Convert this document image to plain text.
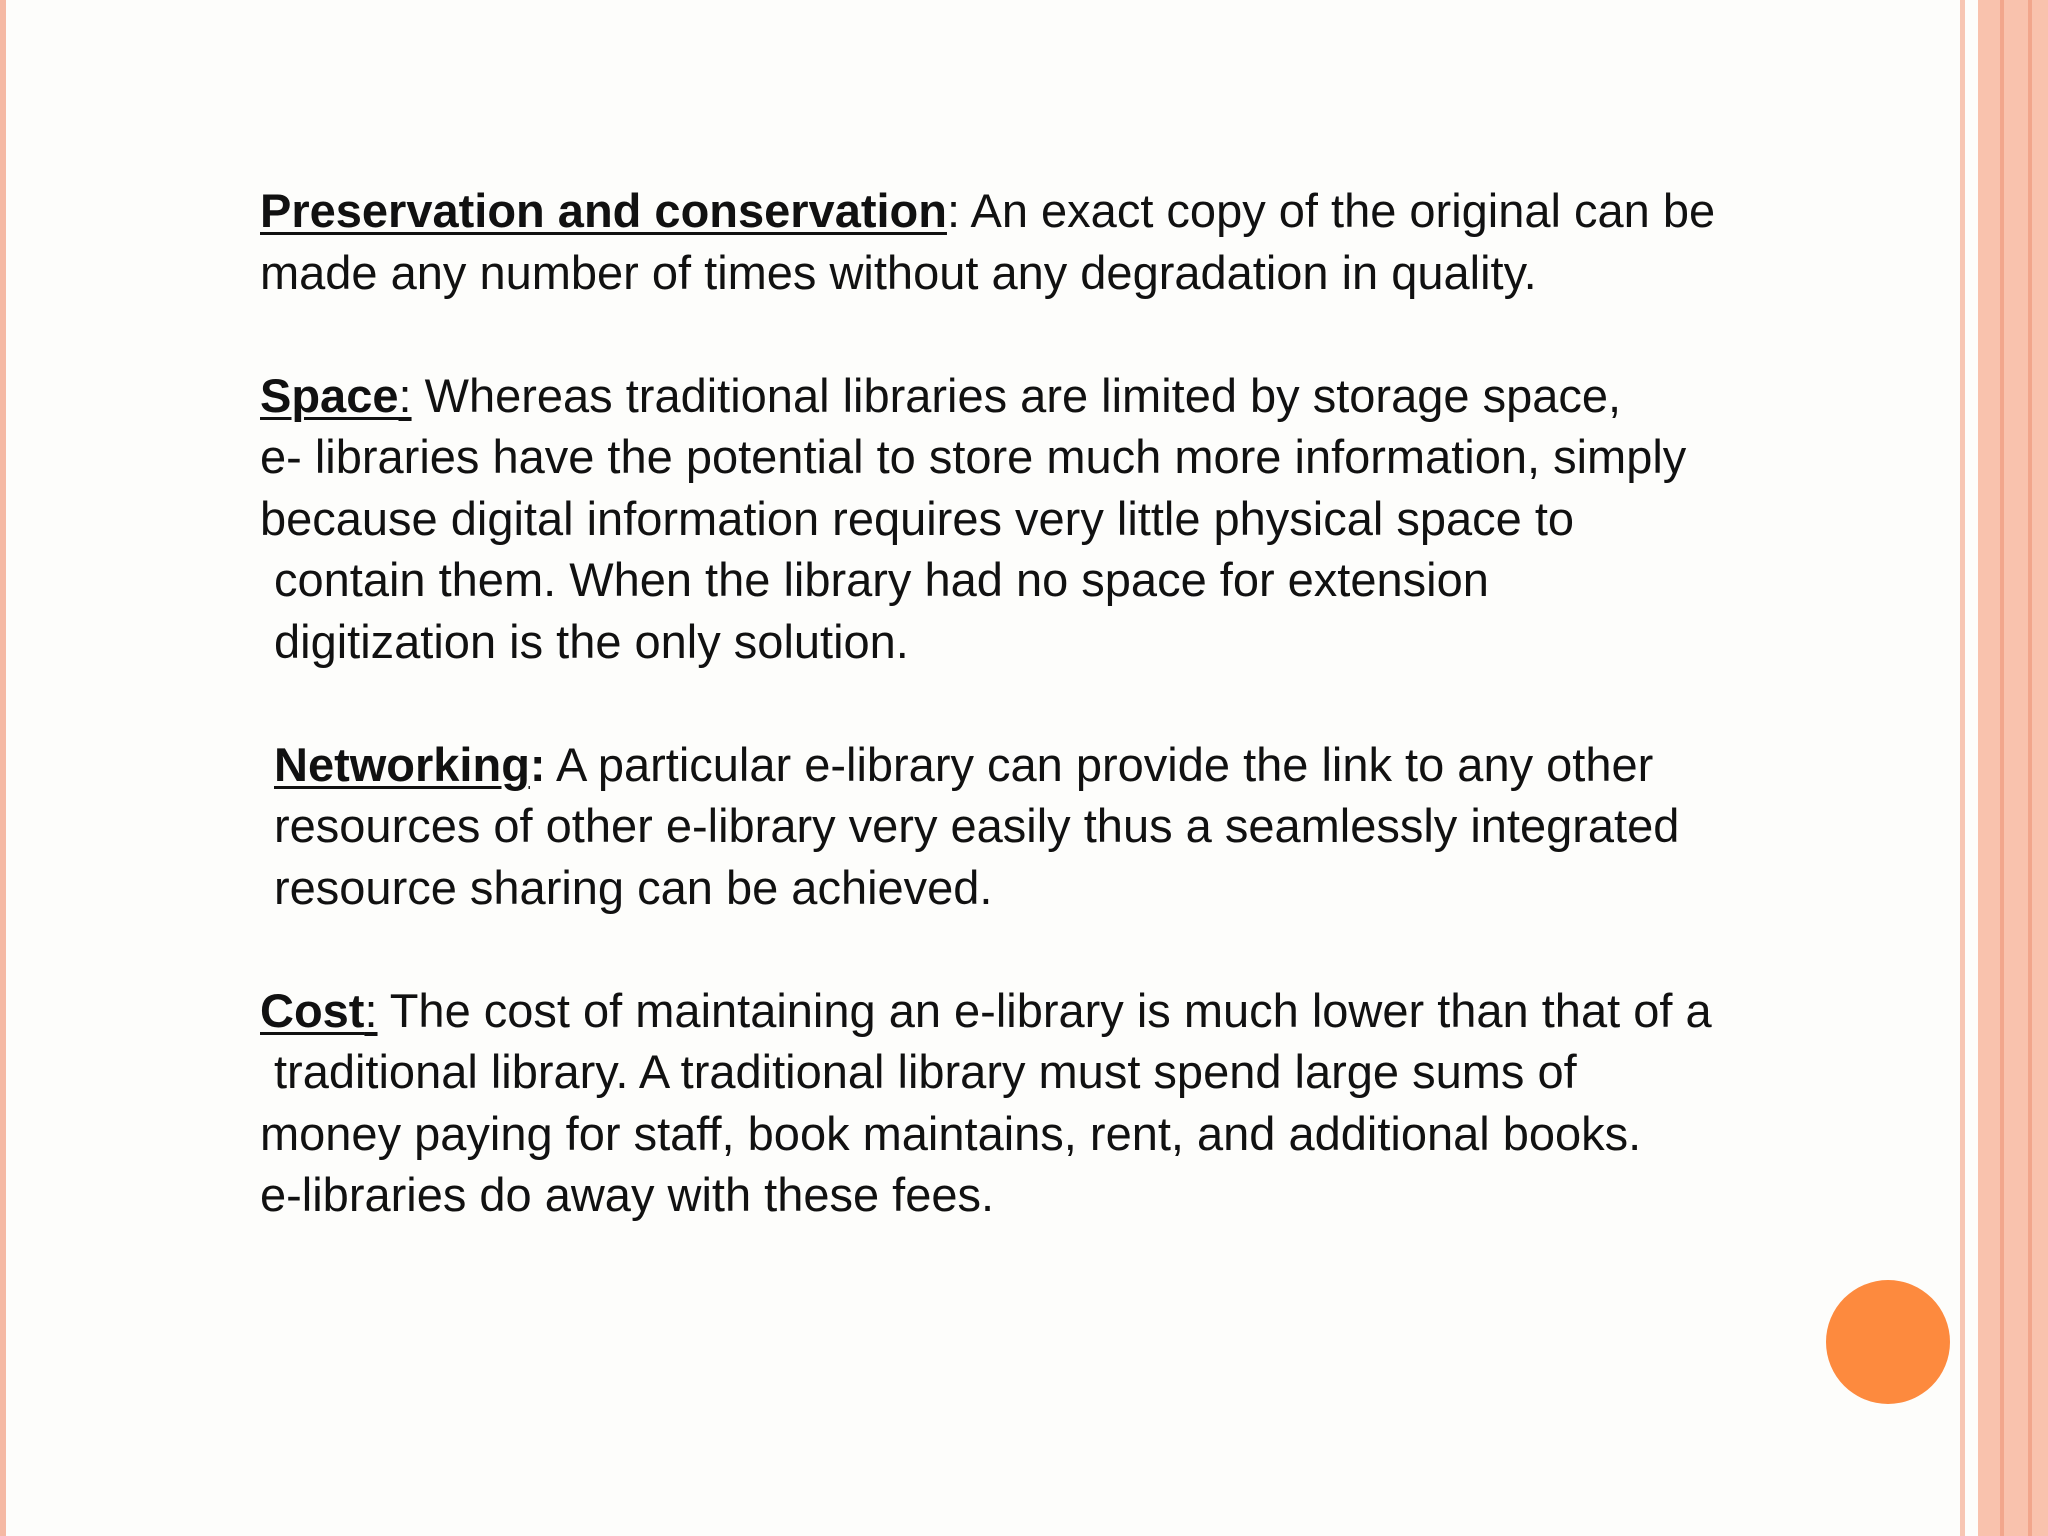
Preservation and conservation: An exact copy of the original can be
made any number of times without any degradation in quality.

Space: Whereas traditional libraries are limited by storage space,
e- libraries have the potential to store much more information, simply
because digital information requires very little physical space to
contain them. When the library had no space for extension
digitization is the only solution.

Networking: A particular e-library can provide the link to any other
resources of other e-library very easily thus a seamlessly integrated
resource sharing can be achieved.

Cost: The cost of maintaining an e-library is much lower than that of a
traditional library. A traditional library must spend large sums of
money paying for staff, book maintains, rent, and additional books.
e-libraries do away with these fees.
